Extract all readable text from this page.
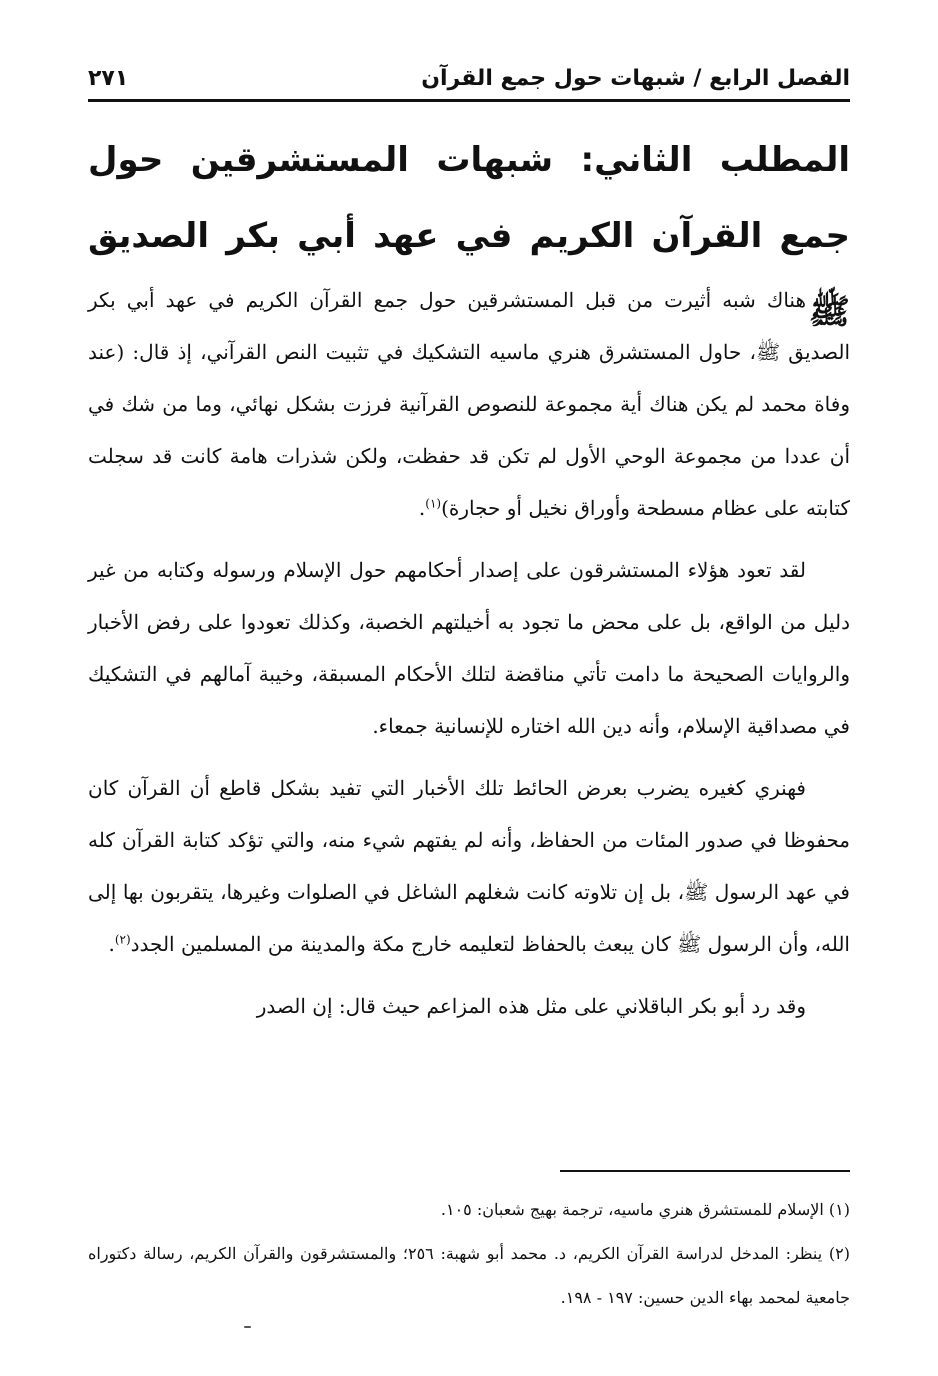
الفصل الرابع / شبهات حول جمع القرآن
٢٧١
المطلب الثاني: شبهات المستشرقين حول جمع القرآن الكريم في عهد أبي بكر الصديق ﷺ

هناك شبه أثيرت من قبل المستشرقين حول جمع القرآن الكريم في عهد أبي بكر الصديق ﷺ، حاول المستشرق هنري ماسيه التشكيك في تثبيت النص القرآني، إذ قال: (عند وفاة محمد لم يكن هناك أية مجموعة للنصوص القرآنية فرزت بشكل نهائي، وما من شك في أن عددا من مجموعة الوحي الأول لم تكن قد حفظت، ولكن شذرات هامة كانت قد سجلت كتابته على عظام مسطحة وأوراق نخيل أو حجارة)$^{(١)}$.

لقد تعود هؤلاء المستشرقون على إصدار أحكامهم حول الإسلام ورسوله وكتابه من غير دليل من الواقع، بل على محض ما تجود به أخيلتهم الخصبة، وكذلك تعودوا على رفض الأخبار والروايات الصحيحة ما دامت تأتي مناقضة لتلك الأحكام المسبقة، وخيبة آمالهم في التشكيك في مصداقية الإسلام، وأنه دين الله اختاره للإنسانية جمعاء.

فهنري كغيره يضرب بعرض الحائط تلك الأخبار التي تفيد بشكل قاطع أن القرآن كان محفوظا في صدور المئات من الحفاظ، وأنه لم يفتهم شيء منه، والتي تؤكد كتابة القرآن كله في عهد الرسول ﷺ، بل إن تلاوته كانت شغلهم الشاغل في الصلوات وغيرها، يتقربون بها إلى الله، وأن الرسول ﷺ كان يبعث بالحفاظ لتعليمه خارج مكة والمدينة من المسلمين الجدد$^{(٢)}$.

وقد رد أبو بكر الباقلاني على مثل هذه المزاعم حيث قال: إن الصدر

(١) الإسلام للمستشرق هنري ماسيه، ترجمة بهيج شعبان: ١٠٥.

(٢) ينظر: المدخل لدراسة القرآن الكريم، د. محمد أبو شهبة: ٢٥٦؛ والمستشرقون والقرآن الكريم، رسالة دكتوراه جامعية لمحمد بهاء الدين حسين: ١٩٧ - ١٩٨.
